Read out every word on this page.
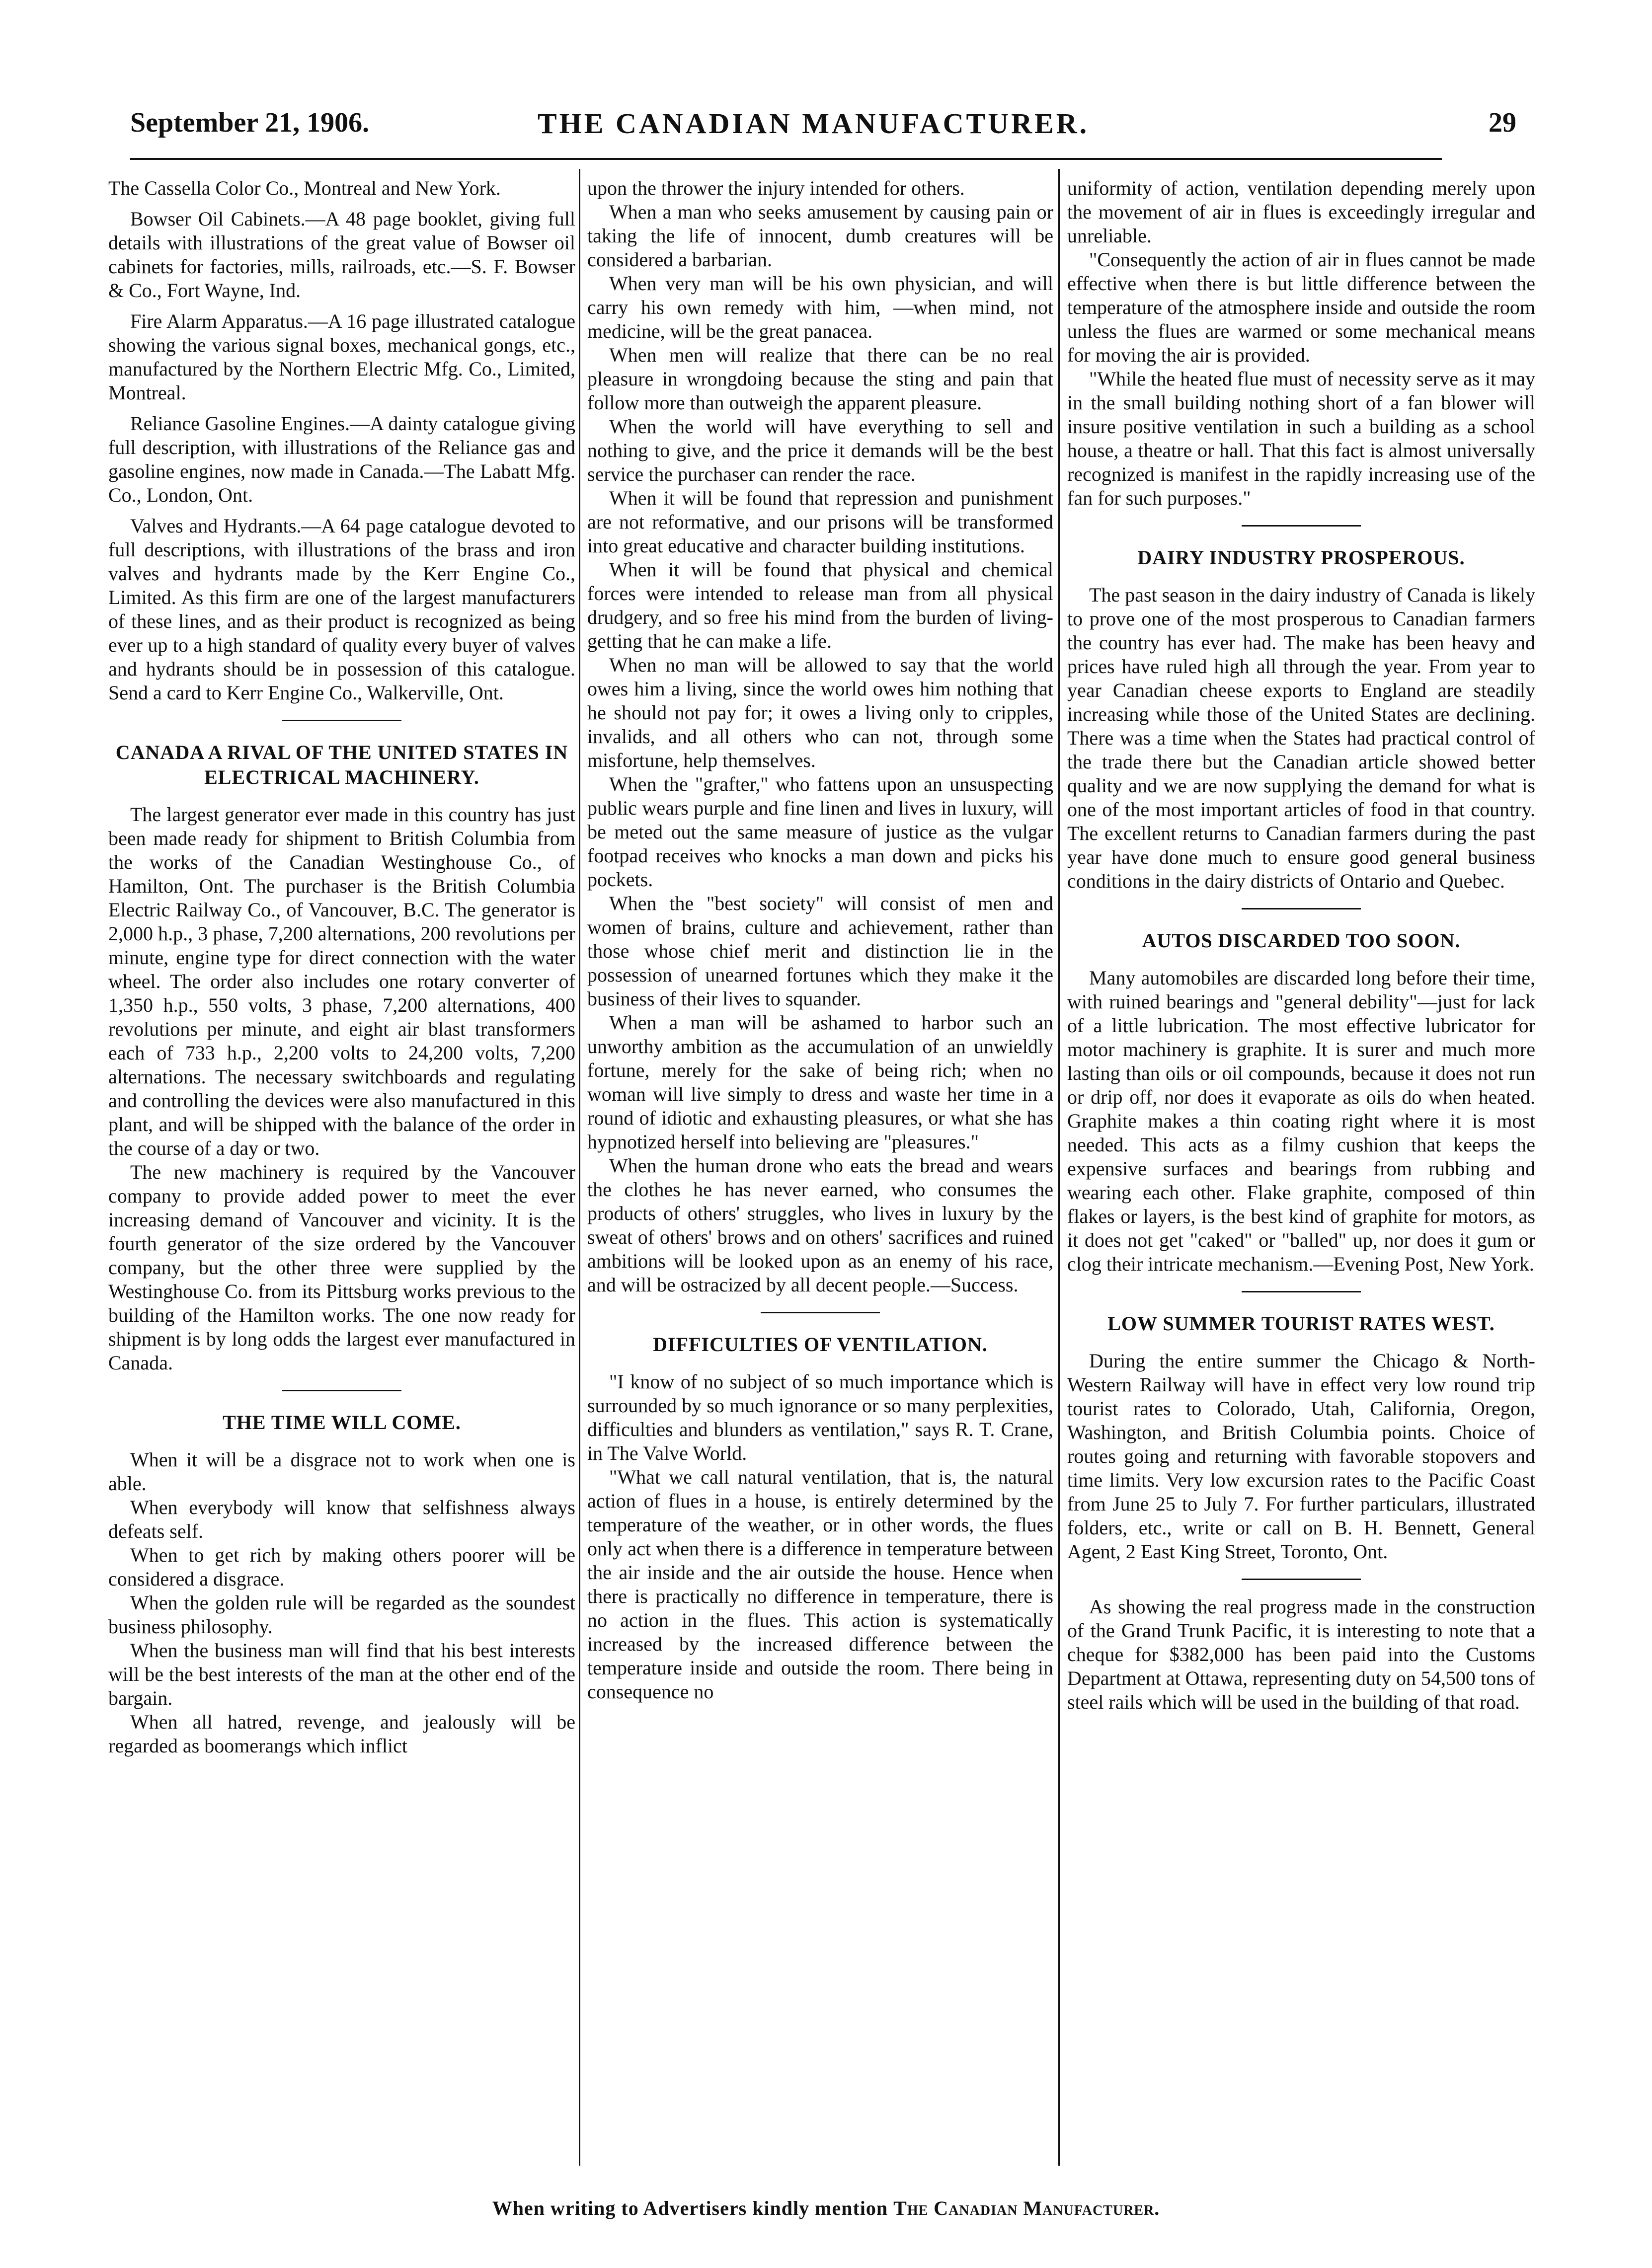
September 21, 1906.	THE CANADIAN MANUFACTURER.	29

The Cassella Color Co., Montreal and New York.

Bowser Oil Cabinets.—A 48 page booklet, giving full details with illustrations of the great value of Bowser oil cabinets for factories, mills, railroads, etc.—S. F. Bowser & Co., Fort Wayne, Ind.

Fire Alarm Apparatus.—A 16 page illustrated catalogue showing the various signal boxes, mechanical gongs, etc., manufactured by the Northern Electric Mfg. Co., Limited, Montreal.

Reliance Gasoline Engines.—A dainty catalogue giving full description, with illustrations of the Reliance gas and gasoline engines, now made in Canada.—The Labatt Mfg. Co., London, Ont.

Valves and Hydrants.—A 64 page catalogue devoted to full descriptions, with illustrations of the brass and iron valves and hydrants made by the Kerr Engine Co., Limited. As this firm are one of the largest manufacturers of these lines, and as their product is recognized as being ever up to a high standard of quality every buyer of valves and hydrants should be in possession of this catalogue. Send a card to Kerr Engine Co., Walkerville, Ont.

CANADA A RIVAL OF THE UNITED STATES IN ELECTRICAL MACHINERY.

The largest generator ever made in this country has just been made ready for shipment to British Columbia from the works of the Canadian Westinghouse Co., of Hamilton, Ont. The purchaser is the British Columbia Electric Railway Co., of Vancouver, B.C. The generator is 2,000 h.p., 3 phase, 7,200 alternations, 200 revolutions per minute, engine type for direct connection with the water wheel. The order also includes one rotary converter of 1,350 h.p., 550 volts, 3 phase, 7,200 alternations, 400 revolutions per minute, and eight air blast transformers each of 733 h.p., 2,200 volts to 24,200 volts, 7,200 alternations. The necessary switchboards and regulating and controlling the devices were also manufactured in this plant, and will be shipped with the balance of the order in the course of a day or two.

The new machinery is required by the Vancouver company to provide added power to meet the ever increasing demand of Vancouver and vicinity. It is the fourth generator of the size ordered by the Vancouver company, but the other three were supplied by the Westinghouse Co. from its Pittsburg works previous to the building of the Hamilton works. The one now ready for shipment is by long odds the largest ever manufactured in Canada.

THE TIME WILL COME.

When it will be a disgrace not to work when one is able.

When everybody will know that selfishness always defeats self.

When to get rich by making others poorer will be considered a disgrace.

When the golden rule will be regarded as the soundest business philosophy.

When the business man will find that his best interests will be the best interests of the man at the other end of the bargain.

When all hatred, revenge, and jealously will be regarded as boomerangs which inflict

upon the thrower the injury intended for others.

When a man who seeks amusement by causing pain or taking the life of innocent, dumb creatures will be considered a barbarian.

When very man will be his own physician, and will carry his own remedy with him, —when mind, not medicine, will be the great panacea.

When men will realize that there can be no real pleasure in wrongdoing because the sting and pain that follow more than outweigh the apparent pleasure.

When the world will have everything to sell and nothing to give, and the price it demands will be the best service the purchaser can render the race.

When it will be found that repression and punishment are not reformative, and our prisons will be transformed into great educative and character building institutions.

When it will be found that physical and chemical forces were intended to release man from all physical drudgery, and so free his mind from the burden of living-getting that he can make a life.

When no man will be allowed to say that the world owes him a living, since the world owes him nothing that he should not pay for; it owes a living only to cripples, invalids, and all others who can not, through some misfortune, help themselves.

When the "grafter," who fattens upon an unsuspecting public wears purple and fine linen and lives in luxury, will be meted out the same measure of justice as the vulgar footpad receives who knocks a man down and picks his pockets.

When the "best society" will consist of men and women of brains, culture and achievement, rather than those whose chief merit and distinction lie in the possession of unearned fortunes which they make it the business of their lives to squander.

When a man will be ashamed to harbor such an unworthy ambition as the accumulation of an unwieldly fortune, merely for the sake of being rich; when no woman will live simply to dress and waste her time in a round of idiotic and exhausting pleasures, or what she has hypnotized herself into believing are "pleasures."

When the human drone who eats the bread and wears the clothes he has never earned, who consumes the products of others' struggles, who lives in luxury by the sweat of others' brows and on others' sacrifices and ruined ambitions will be looked upon as an enemy of his race, and will be ostracized by all decent people.—Success.

DIFFICULTIES OF VENTILATION.

"I know of no subject of so much importance which is surrounded by so much ignorance or so many perplexities, difficulties and blunders as ventilation," says R. T. Crane, in The Valve World.

"What we call natural ventilation, that is, the natural action of flues in a house, is entirely determined by the temperature of the weather, or in other words, the flues only act when there is a difference in temperature between the air inside and the air outside the house. Hence when there is practically no difference in temperature, there is no action in the flues. This action is systematically increased by the increased difference between the temperature inside and outside the room. There being in consequence no

uniformity of action, ventilation depending merely upon the movement of air in flues is exceedingly irregular and unreliable.

"Consequently the action of air in flues cannot be made effective when there is but little difference between the temperature of the atmosphere inside and outside the room unless the flues are warmed or some mechanical means for moving the air is provided.

"While the heated flue must of necessity serve as it may in the small building nothing short of a fan blower will insure positive ventilation in such a building as a school house, a theatre or hall. That this fact is almost universally recognized is manifest in the rapidly increasing use of the fan for such purposes."

DAIRY INDUSTRY PROSPEROUS.

The past season in the dairy industry of Canada is likely to prove one of the most prosperous to Canadian farmers the country has ever had. The make has been heavy and prices have ruled high all through the year. From year to year Canadian cheese exports to England are steadily increasing while those of the United States are declining. There was a time when the States had practical control of the trade there but the Canadian article showed better quality and we are now supplying the demand for what is one of the most important articles of food in that country. The excellent returns to Canadian farmers during the past year have done much to ensure good general business conditions in the dairy districts of Ontario and Quebec.

AUTOS DISCARDED TOO SOON.

Many automobiles are discarded long before their time, with ruined bearings and "general debility"—just for lack of a little lubrication. The most effective lubricator for motor machinery is graphite. It is surer and much more lasting than oils or oil compounds, because it does not run or drip off, nor does it evaporate as oils do when heated. Graphite makes a thin coating right where it is most needed. This acts as a filmy cushion that keeps the expensive surfaces and bearings from rubbing and wearing each other. Flake graphite, composed of thin flakes or layers, is the best kind of graphite for motors, as it does not get "caked" or "balled" up, nor does it gum or clog their intricate mechanism.—Evening Post, New York.

LOW SUMMER TOURIST RATES WEST.

During the entire summer the Chicago & North-Western Railway will have in effect very low round trip tourist rates to Colorado, Utah, California, Oregon, Washington, and British Columbia points. Choice of routes going and returning with favorable stopovers and time limits. Very low excursion rates to the Pacific Coast from June 25 to July 7. For further particulars, illustrated folders, etc., write or call on B. H. Bennett, General Agent, 2 East King Street, Toronto, Ont.

As showing the real progress made in the construction of the Grand Trunk Pacific, it is interesting to note that a cheque for $382,000 has been paid into the Customs Department at Ottawa, representing duty on 54,500 tons of steel rails which will be used in the building of that road.

When writing to Advertisers kindly mention The Canadian Manufacturer.
